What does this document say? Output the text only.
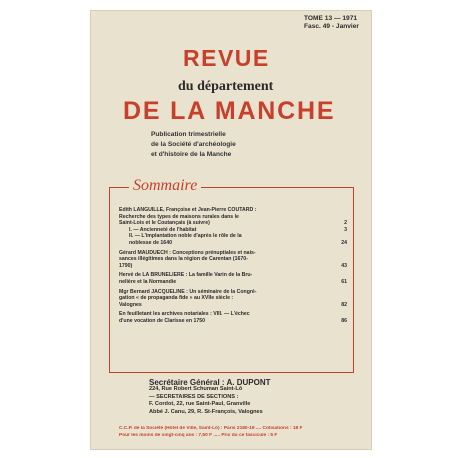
TOME 13 — 1971
Fasc. 49 - Janvier
REVUE
du département
DE LA MANCHE
Publication trimestrielle
de la Société d'archéologie
et d'histoire de la Manche
Sommaire
Edith LANGUILLE, Françoise et Jean-Pierre COUTARD :
Recherche des types de maisons rurales dans le
Saint-Lois et le Coutançais (à suivre)	2
I. — Ancienneté de l'habitat	3
II. — L'implantation noble d'après le rôle de la
noblesse de 1640	24
Gérard MAUDUECH : Conceptions prénuptiales et nais-
sances illégitimes dans la région de Carentan (1670-
1790)	43
Hervé de LA BRUNELIERE : La famille Varin de la Bru-
nelière et la Normandie	61
Mgr Bernard JACQUELINE : Un séminaire de la Congré-
gation « de propaganda fide » au XVIIe siècle :
Valognes	82
En feuilletant les archives notariales : VIII. — L'échec
d'une vocation de Clarisse en 1750	86
Secrétaire Général : A. DUPONT
224, Rue Robert Schuman Saint-Lô
— SECRETAIRES DE SECTIONS :
F. Cordot, 22, rue Saint-Paul, Granville
Abbé J. Canu, 29, R. St-François, Valognes
C.C.P. de la Société (Hôtel de Ville, Saint-Lô) : Paris 2180-19 .... Cotisations : 18 F
Pour les moins de vingt-cinq ans : 7,50 F ..... Prix du ce fascicule : 5 F
